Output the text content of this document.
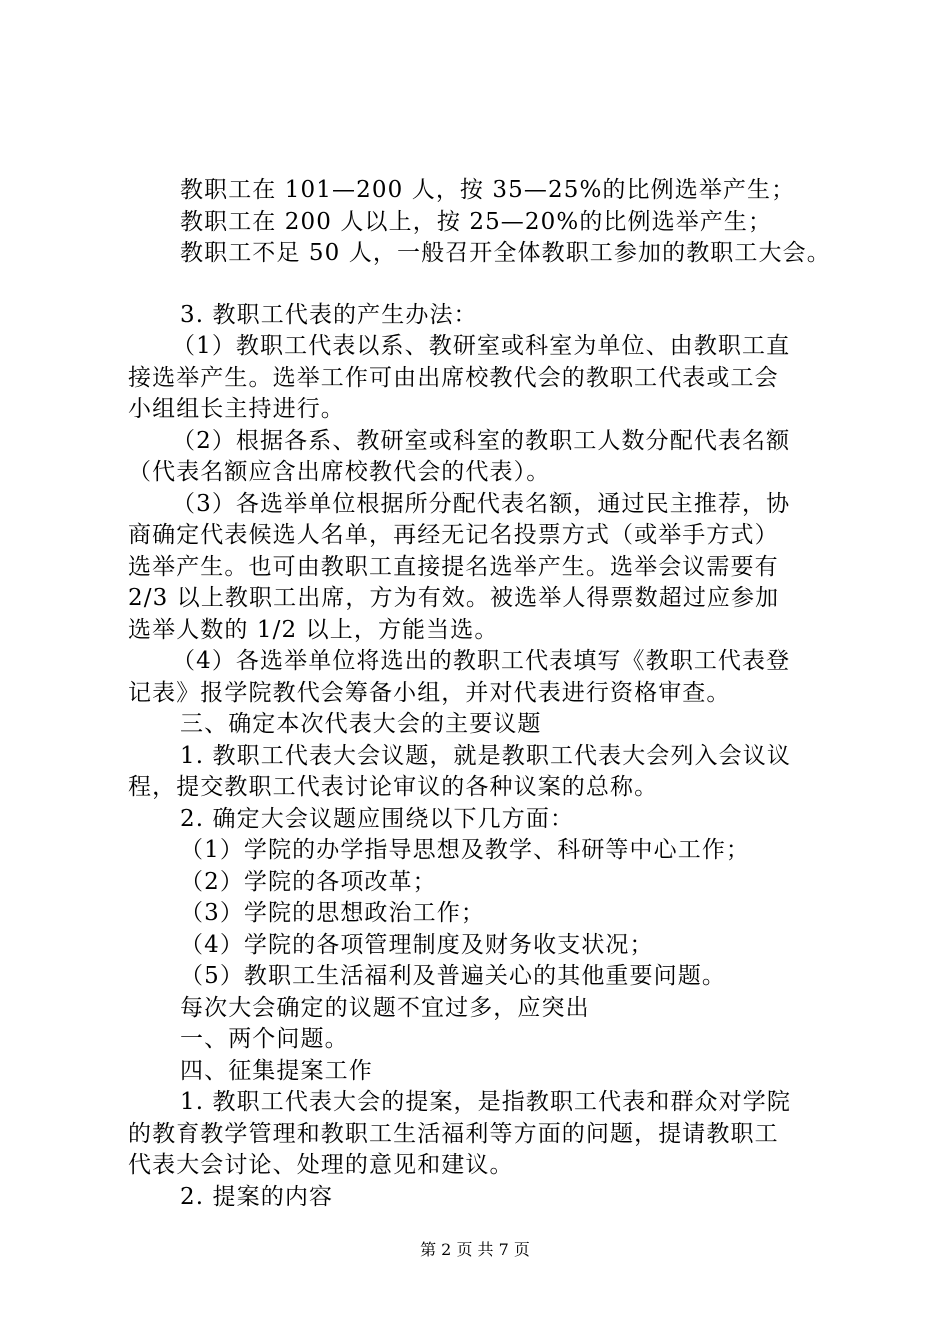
教职工在 101—200 人，按 35—25%的比例选举产生；
教职工在 200 人以上，按 25—20%的比例选举产生；
教职工不足 50 人，一般召开全体教职工参加的教职工大会。
3. 教职工代表的产生办法：
（1）教职工代表以系、教研室或科室为单位、由教职工直
接选举产生。选举工作可由出席校教代会的教职工代表或工会
小组组长主持进行。
（2）根据各系、教研室或科室的教职工人数分配代表名额
（代表名额应含出席校教代会的代表）。
（3）各选举单位根据所分配代表名额，通过民主推荐，协
商确定代表候选人名单，再经无记名投票方式（或举手方式）
选举产生。也可由教职工直接提名选举产生。选举会议需要有
2/3 以上教职工出席，方为有效。被选举人得票数超过应参加
选举人数的 1/2 以上，方能当选。
（4）各选举单位将选出的教职工代表填写《教职工代表登
记表》报学院教代会筹备小组，并对代表进行资格审查。
三、确定本次代表大会的主要议题
1. 教职工代表大会议题，就是教职工代表大会列入会议议
程，提交教职工代表讨论审议的各种议案的总称。
2. 确定大会议题应围绕以下几方面：
（1）学院的办学指导思想及教学、科研等中心工作；
（2）学院的各项改革；
（3）学院的思想政治工作；
（4）学院的各项管理制度及财务收支状况；
（5）教职工生活福利及普遍关心的其他重要问题。
每次大会确定的议题不宜过多，应突出
一、两个问题。
四、征集提案工作
1. 教职工代表大会的提案，是指教职工代表和群众对学院
的教育教学管理和教职工生活福利等方面的问题，提请教职工
代表大会讨论、处理的意见和建议。
2. 提案的内容
第 2 页 共 7 页
